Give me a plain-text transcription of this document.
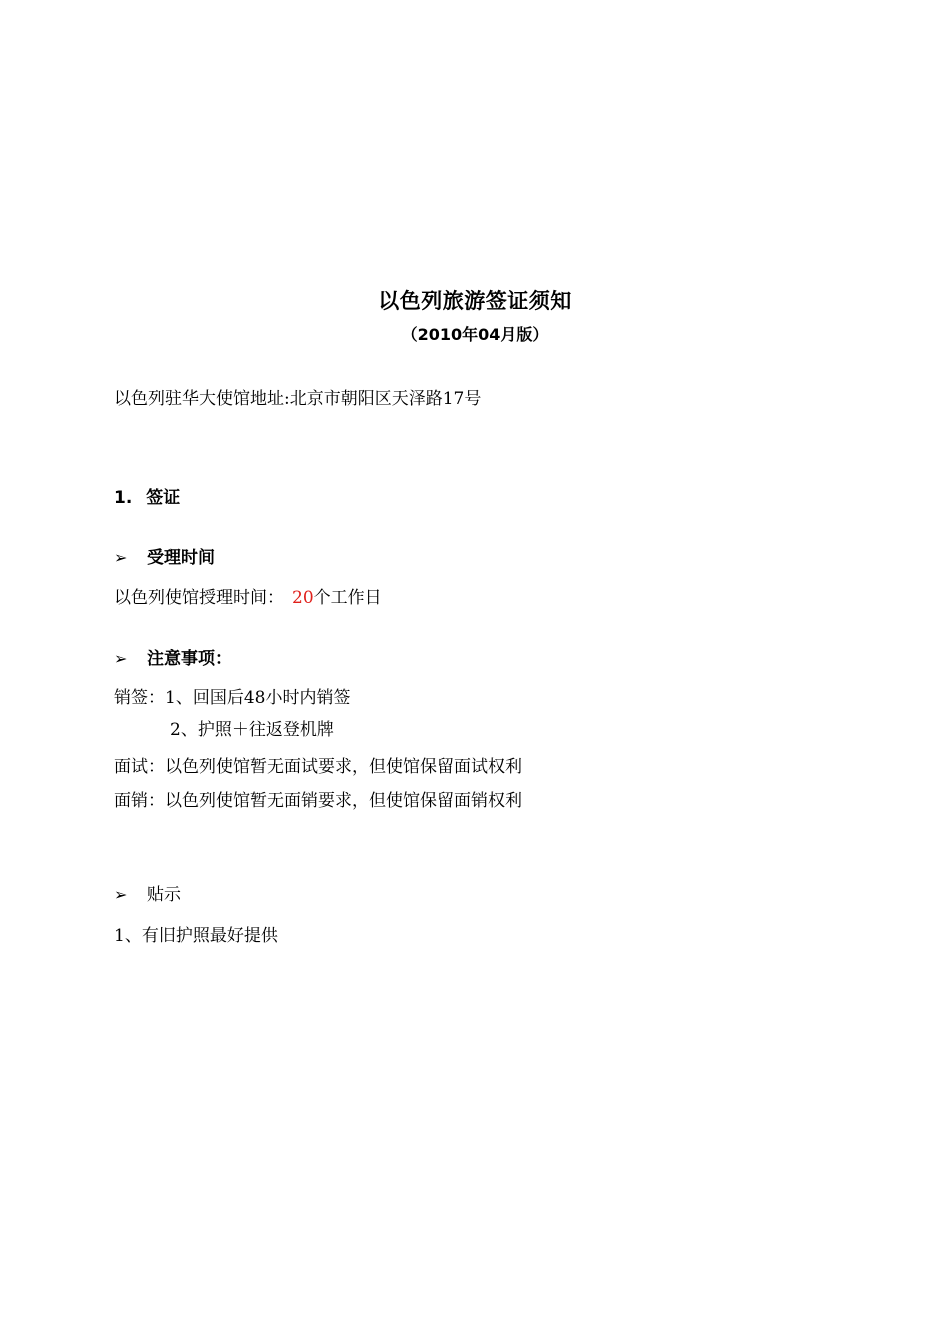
以色列旅游签证须知
（2010年04月版）
以色列驻华大使馆地址:北京市朝阳区天泽路17号
1. 签证
➢ 受理时间
以色列使馆授理时间： 20个工作日
➢ 注意事项：
销签：1、回国后48小时内销签
2、护照＋往返登机牌
面试：以色列使馆暂无面试要求，但使馆保留面试权利
面销：以色列使馆暂无面销要求，但使馆保留面销权利
➢ 贴示
1、有旧护照最好提供
